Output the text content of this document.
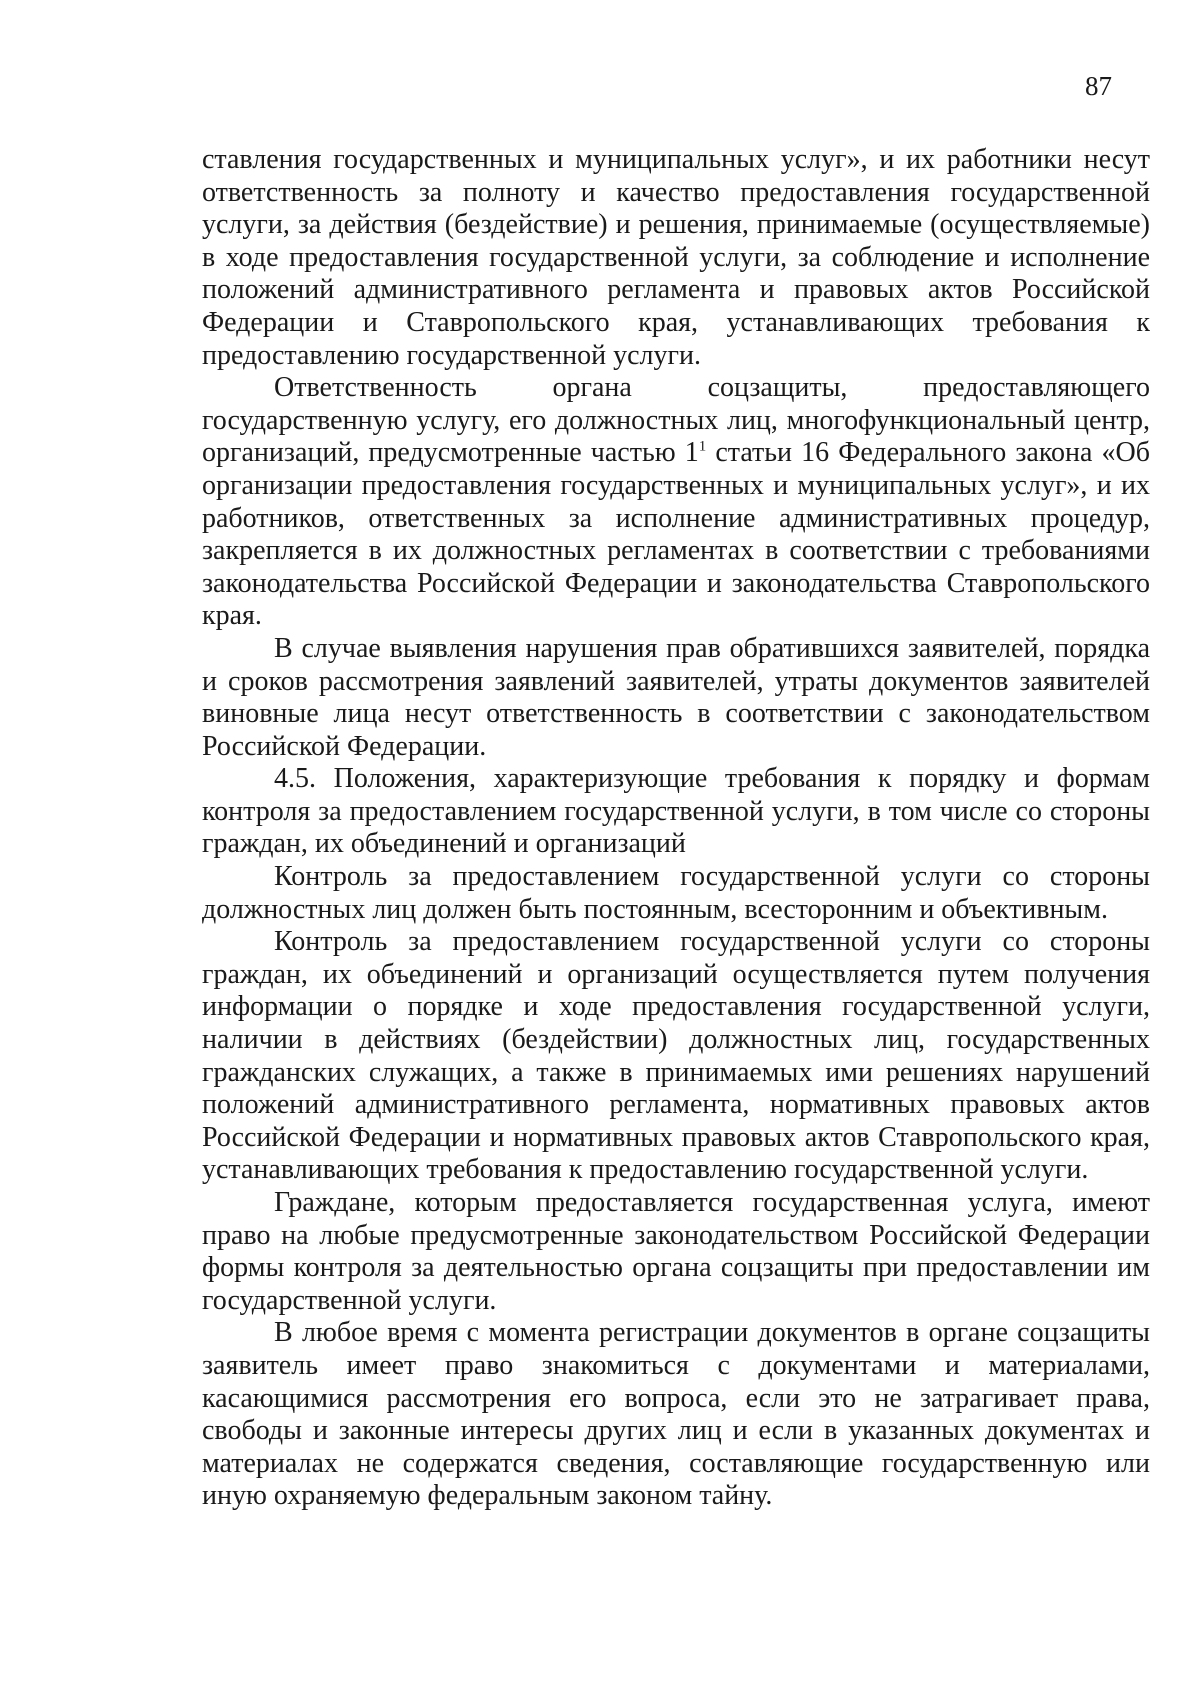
87

ставления государственных и муниципальных услуг», и их работники несут ответственность за полноту и качество предоставления государственной услуги, за действия (бездействие) и решения, принимаемые (осуществляемые) в ходе предоставления государственной услуги, за соблюдение и исполнение положений административного регламента и правовых актов Российской Федерации и Ставропольского края, устанавливающих требования к предоставлению государственной услуги.

Ответственность органа соцзащиты, предоставляющего государственную услугу, его должностных лиц, многофункциональный центр, организаций, предусмотренные частью $1^1$ статьи 16 Федерального закона «Об организации предоставления государственных и муниципальных услуг», и их работников, ответственных за исполнение административных процедур, закрепляется в их должностных регламентах в соответствии с требованиями законодательства Российской Федерации и законодательства Ставропольского края.

В случае выявления нарушения прав обратившихся заявителей, порядка и сроков рассмотрения заявлений заявителей, утраты документов заявителей виновные лица несут ответственность в соответствии с законодательством Российской Федерации.

4.5. Положения, характеризующие требования к порядку и формам контроля за предоставлением государственной услуги, в том числе со стороны граждан, их объединений и организаций

Контроль за предоставлением государственной услуги со стороны должностных лиц должен быть постоянным, всесторонним и объективным.

Контроль за предоставлением государственной услуги со стороны граждан, их объединений и организаций осуществляется путем получения информации о порядке и ходе предоставления государственной услуги, наличии в действиях (бездействии) должностных лиц, государственных гражданских служащих, а также в принимаемых ими решениях нарушений положений административного регламента, нормативных правовых актов Российской Федерации и нормативных правовых актов Ставропольского края, устанавливающих требования к предоставлению государственной услуги.

Граждане, которым предоставляется государственная услуга, имеют право на любые предусмотренные законодательством Российской Федерации формы контроля за деятельностью органа соцзащиты при предоставлении им государственной услуги.

В любое время с момента регистрации документов в органе соцзащиты заявитель имеет право знакомиться с документами и материалами, касающимися рассмотрения его вопроса, если это не затрагивает права, свободы и законные интересы других лиц и если в указанных документах и материалах не содержатся сведения, составляющие государственную или иную охраняемую федеральным законом тайну.
